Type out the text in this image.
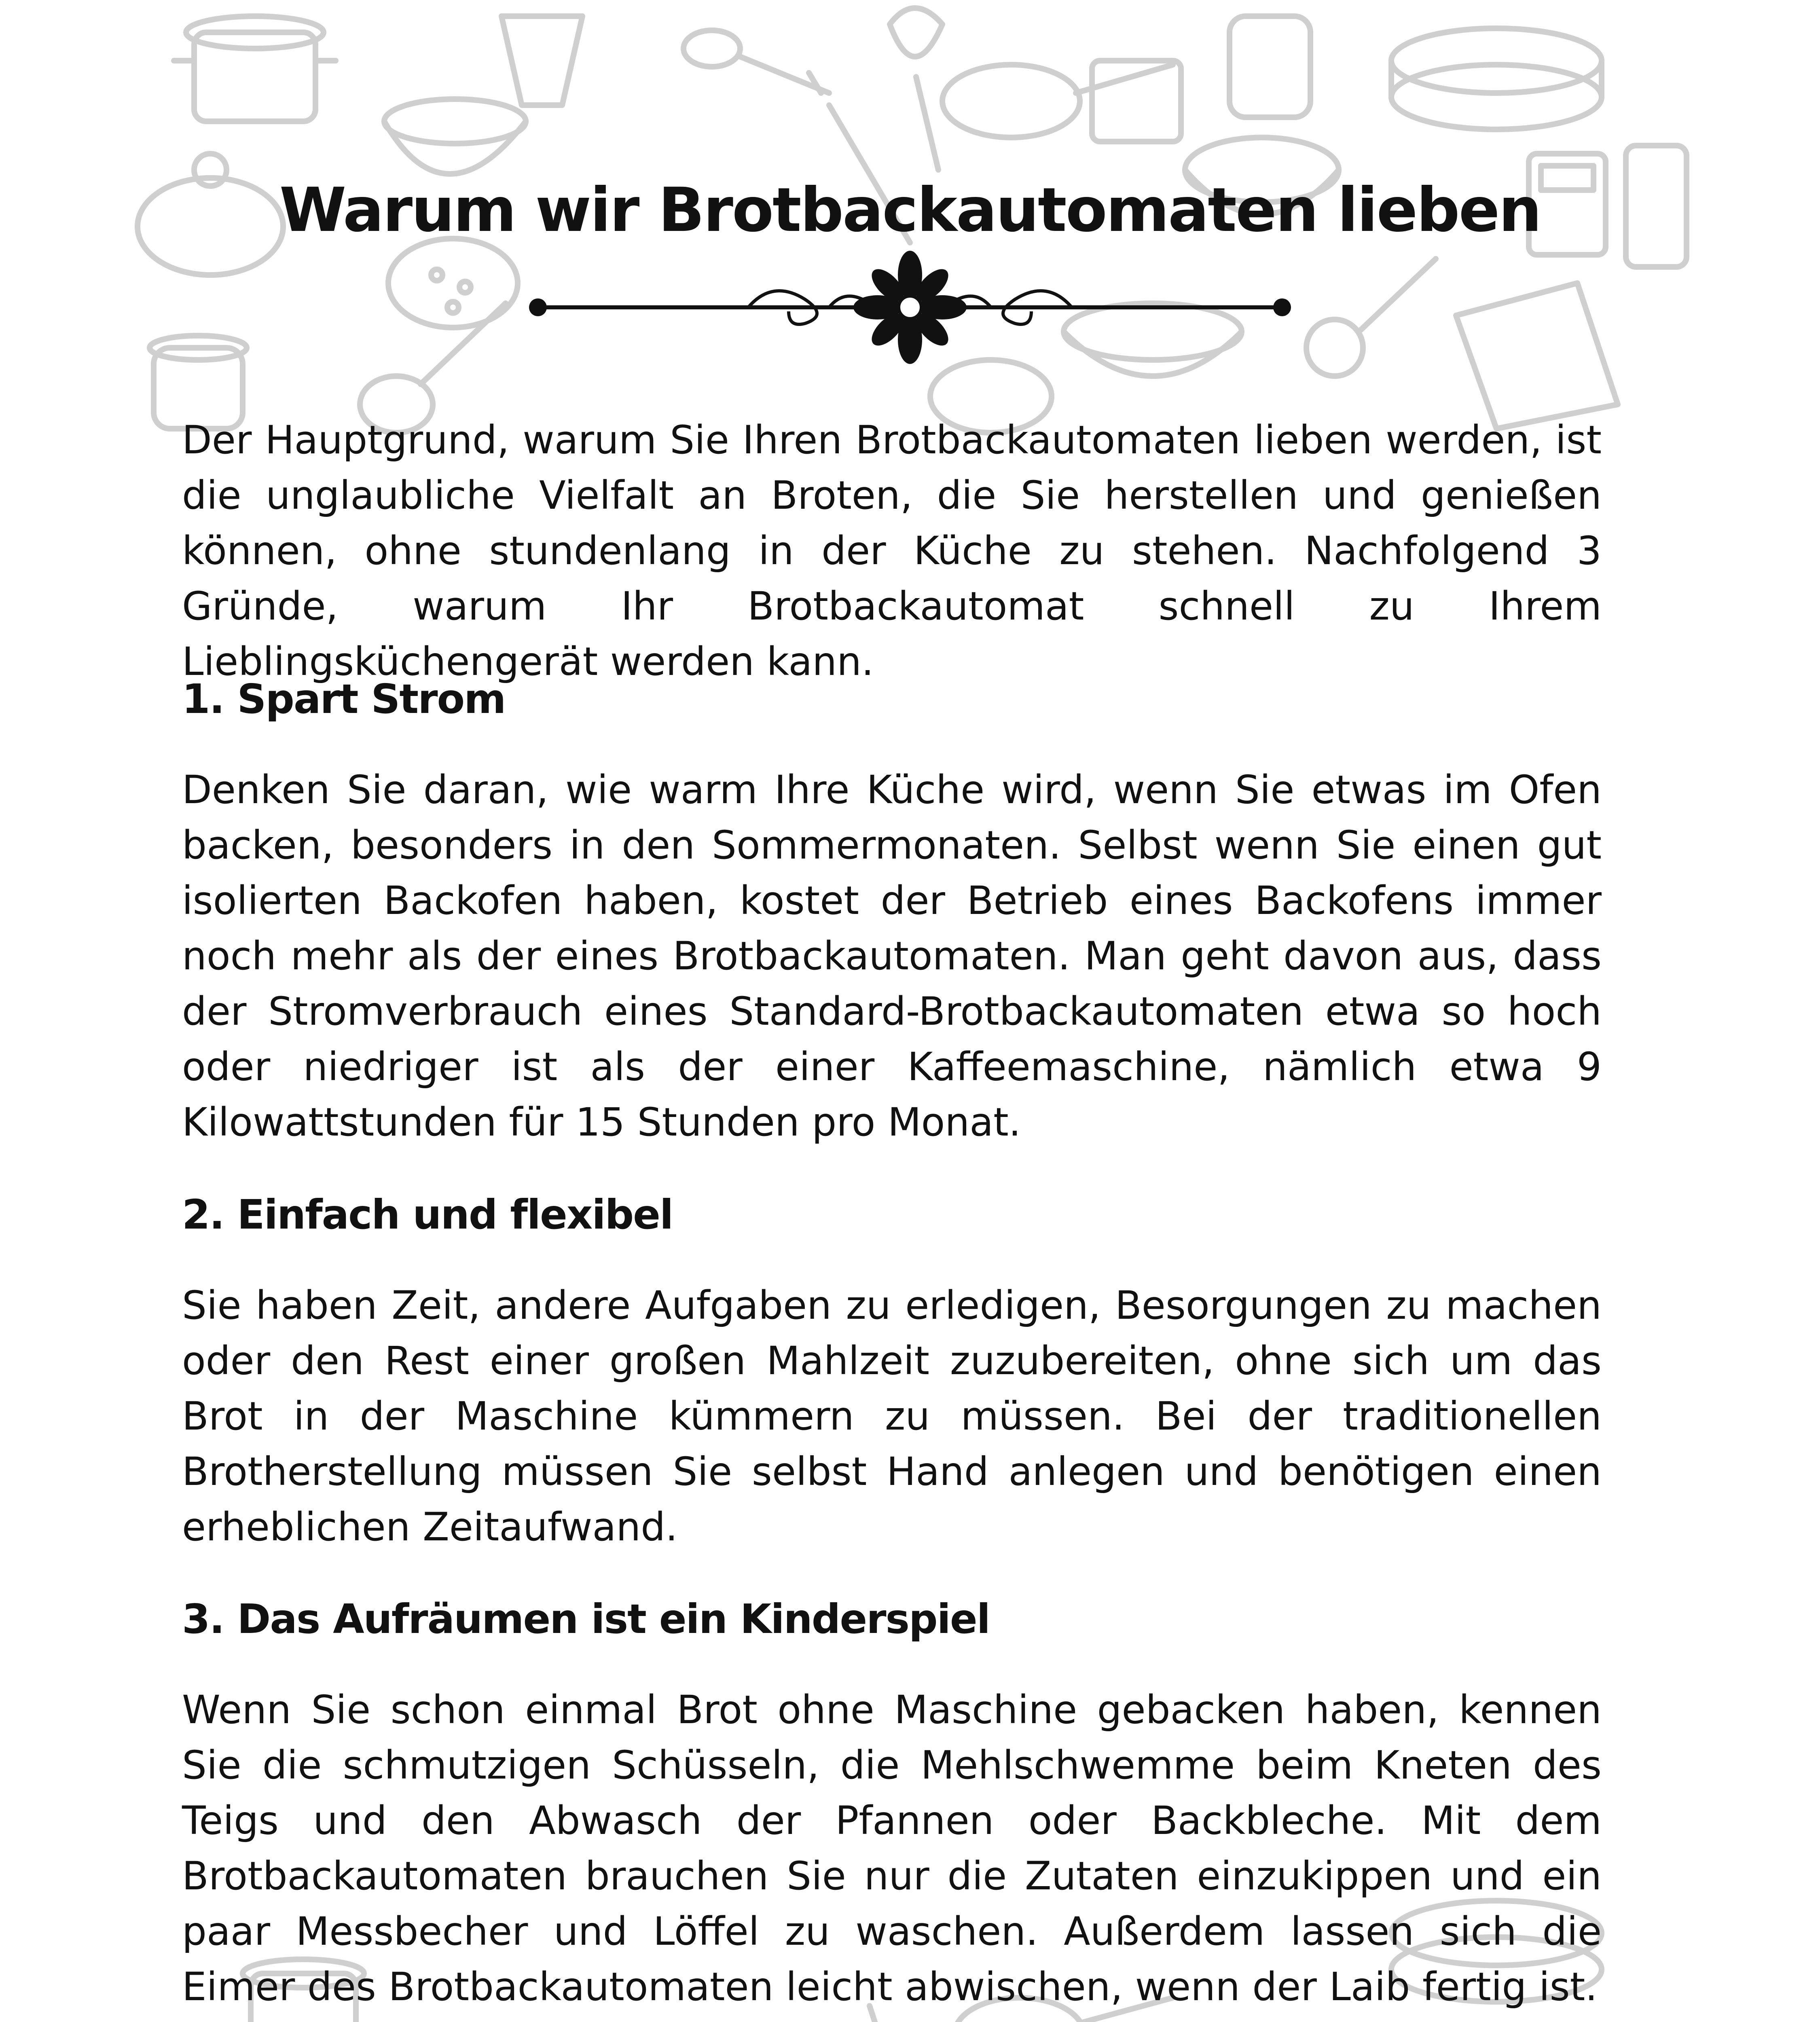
Warum wir Brotbackautomaten lieben

Der Hauptgrund, warum Sie Ihren Brotbackautomaten lieben werden, ist die unglaubliche Vielfalt an Broten, die Sie herstellen und genießen können, ohne stundenlang in der Küche zu stehen. Nachfolgend 3 Gründe, warum Ihr Brotbackautomat schnell zu Ihrem Lieblingsküchengerät werden kann.

1. Spart Strom

Denken Sie daran, wie warm Ihre Küche wird, wenn Sie etwas im Ofen backen, besonders in den Sommermonaten. Selbst wenn Sie einen gut isolierten Backofen haben, kostet der Betrieb eines Backofens immer noch mehr als der eines Brotbackautomaten. Man geht davon aus, dass der Stromverbrauch eines Standard-Brotbackautomaten etwa so hoch oder niedriger ist als der einer Kaffeemaschine, nämlich etwa 9 Kilowattstunden für 15 Stunden pro Monat.

2. Einfach und flexibel

Sie haben Zeit, andere Aufgaben zu erledigen, Besorgungen zu machen oder den Rest einer großen Mahlzeit zuzubereiten, ohne sich um das Brot in der Maschine kümmern zu müssen. Bei der traditionellen Brotherstellung müssen Sie selbst Hand anlegen und benötigen einen erheblichen Zeitaufwand.

3. Das Aufräumen ist ein Kinderspiel

Wenn Sie schon einmal Brot ohne Maschine gebacken haben, kennen Sie die schmutzigen Schüsseln, die Mehlschwemme beim Kneten des Teigs und den Abwasch der Pfannen oder Backbleche. Mit dem Brotbackautomaten brauchen Sie nur die Zutaten einzukippen und ein paar Messbecher und Löffel zu waschen. Außerdem lassen sich die Eimer des Brotbackautomaten leicht abwischen, wenn der Laib fertig ist.
